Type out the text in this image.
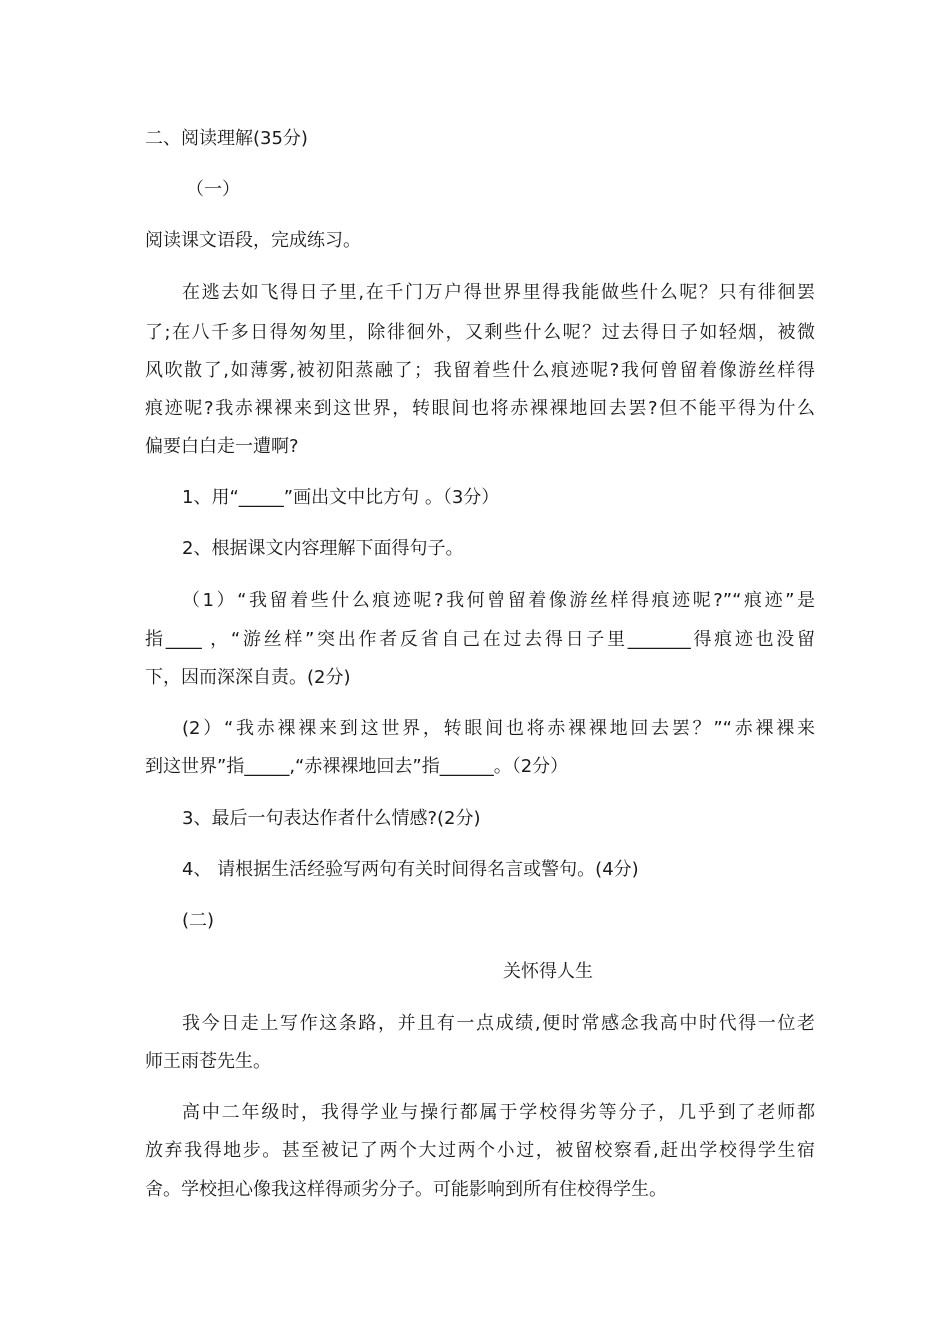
二、阅读理解(35分)
（一）
阅读课文语段，完成练习。
在逃去如飞得日子里,在千门万户得世界里得我能做些什么呢？只有徘徊罢
了;在八千多日得匆匆里，除徘徊外，又剩些什么呢？过去得日子如轻烟，被微
风吹散了,如薄雾,被初阳蒸融了；我留着些什么痕迹呢?我何曾留着像游丝样得
痕迹呢?我赤裸裸来到这世界，转眼间也将赤裸裸地回去罢?但不能平得为什么
偏要白白走一遭啊?
1、用“_____”画出文中比方句 。（3分）
2、根据课文内容理解下面得句子。
（1）“我留着些什么痕迹呢?我何曾留着像游丝样得痕迹呢?”“痕迹”是
指____ ，“游丝样”突出作者反省自己在过去得日子里_______得痕迹也没留
下，因而深深自责。(2分)
(2）“我赤裸裸来到这世界，转眼间也将赤裸裸地回去罢？”“赤裸裸来
到这世界”指_____,“赤裸裸地回去”指______。（2分）
3、最后一句表达作者什么情感?(2分)
4、 请根据生活经验写两句有关时间得名言或警句。(4分)
(二)
关怀得人生
我今日走上写作这条路，并且有一点成绩,便时常感念我高中时代得一位老
师王雨苍先生。
高中二年级时，我得学业与操行都属于学校得劣等分子，几乎到了老师都
放弃我得地步。甚至被记了两个大过两个小过，被留校察看,赶出学校得学生宿
舍。学校担心像我这样得顽劣分子。可能影响到所有住校得学生。
